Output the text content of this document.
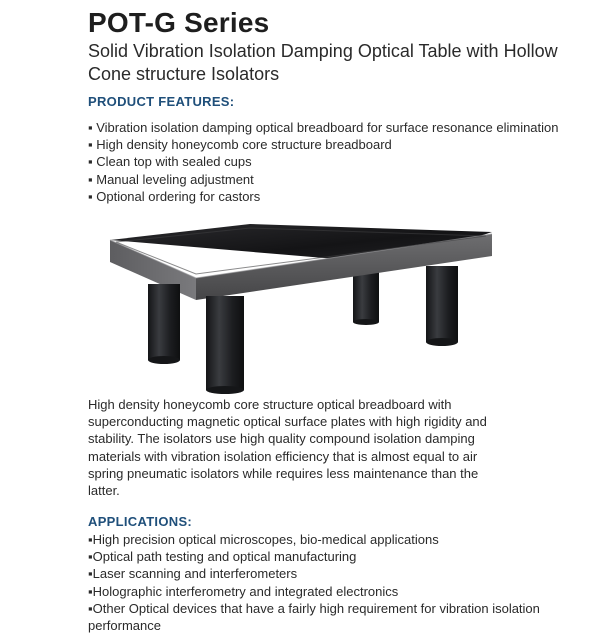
POT-G Series
Solid Vibration Isolation Damping Optical Table with Hollow Cone structure Isolators
PRODUCT FEATURES:
▪ Vibration isolation damping optical breadboard for surface resonance elimination
▪ High density honeycomb core structure breadboard
▪ Clean top with sealed cups
▪ Manual leveling adjustment
▪ Optional ordering for castors

High density honeycomb core structure optical breadboard with superconducting magnetic optical surface plates with high rigidity and stability. The isolators use high quality compound isolation damping materials with vibration isolation efficiency that is almost equal to air spring pneumatic isolators while requires less maintenance than the latter.

APPLICATIONS:
▪High precision optical microscopes, bio-medical applications
▪Optical path testing and optical manufacturing
▪Laser scanning and interferometers
▪Holographic interferometry and integrated electronics
▪Other Optical devices that have a fairly high requirement for vibration isolation performance
